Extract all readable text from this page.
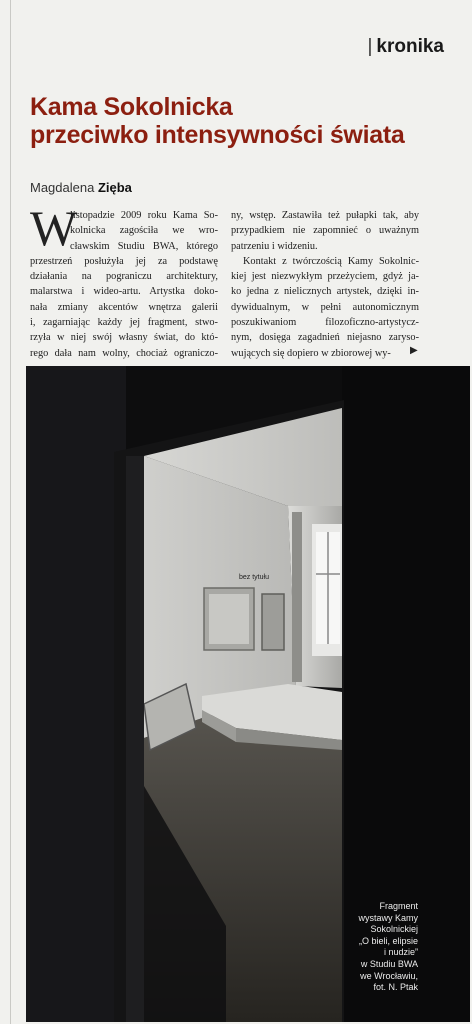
| kronika
Kama Sokolnicka
przeciwko intensywności świata
Magdalena Zięba
W
listopadzie 2009 roku Kama So-
kolnicka zagościła we wro-
cławskim Studiu BWA, którego
przestrzeń posłużyła jej za podstawę
działania na pograniczu architektury,
malarstwa i wideo-artu. Artystka doko-
nała zmiany akcentów wnętrza galerii
i, zagarniając każdy jej fragment, stwo-
rzyła w niej swój własny świat, do któ-
rego dała nam wolny, chociaż ograniczo-
ny, wstęp. Zastawiła też pułapki tak, aby
przypadkiem nie zapomnieć o uważnym
patrzeniu i widzeniu.
Kontakt z twórczością Kamy Sokolnic-
kiej jest niezwykłym przeżyciem, gdyż ja-
ko jedna z nielicznych artystek, dzięki in-
dywidualnym, w pełni autonomicznym
poszukiwaniom filozoficzno-artystycz-
nym, dosięga zagadnień niejasno zaryso-
wujących się dopiero w zbiorowej wy-	▶
bez tytułu
Fragment
wystawy Kamy
Sokolnickiej
„O bieli, elipsie
i nudzie”
w Studiu BWA
we Wrocławiu,
fot. N. Ptak
